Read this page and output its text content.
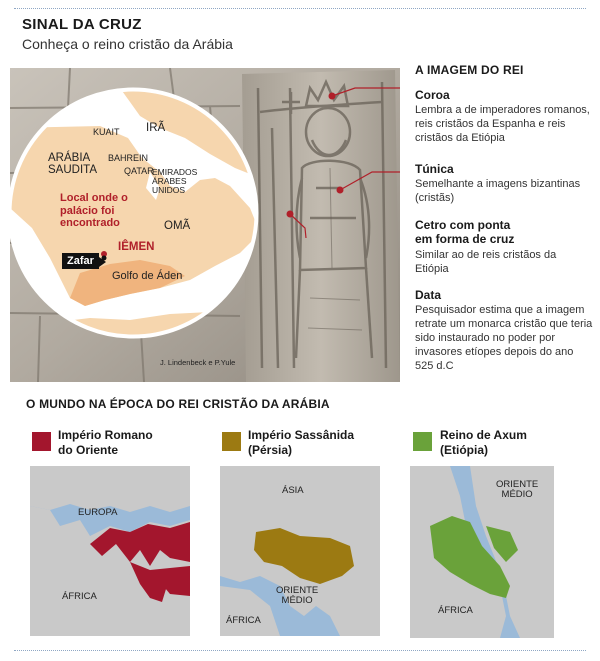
SINAL DA CRUZ
Conheça o reino cristão da Arábia
KUAIT IRÃ
ARÁBIA
SAUDITA
BAHREIN
QATAR
EMIRADOS
ÁRABES
UNIDOS
OMÃ
IÊMEN
Golfo de Áden
Local onde o
palácio foi
encontrado
Zafar
J. Lindenbeck e P.Yule
A IMAGEM DO REI
Coroa
Lembra a de imperadores romanos, reis cristãos da Espanha e reis cristãos da Etiópia
Túnica
Semelhante a imagens bizantinas (cristãs)
Cetro com ponta
em forma de cruz
Similar ao de reis cristãos da Etiópia
Data
Pesquisador estima que a imagem retrate um monarca cristão que teria sido instaurado no poder por invasores etíopes depois do ano 525 d.C
O MUNDO NA ÉPOCA DO REI CRISTÃO DA ARÁBIA
Império Romano
do Oriente
Império Sassânida
(Pérsia)
Reino de Axum
(Etiópia)
EUROPA
ÁFRICA
ÁSIA
ORIENTE
MÉDIO
ÁFRICA
ORIENTE
MÉDIO
ÁFRICA
